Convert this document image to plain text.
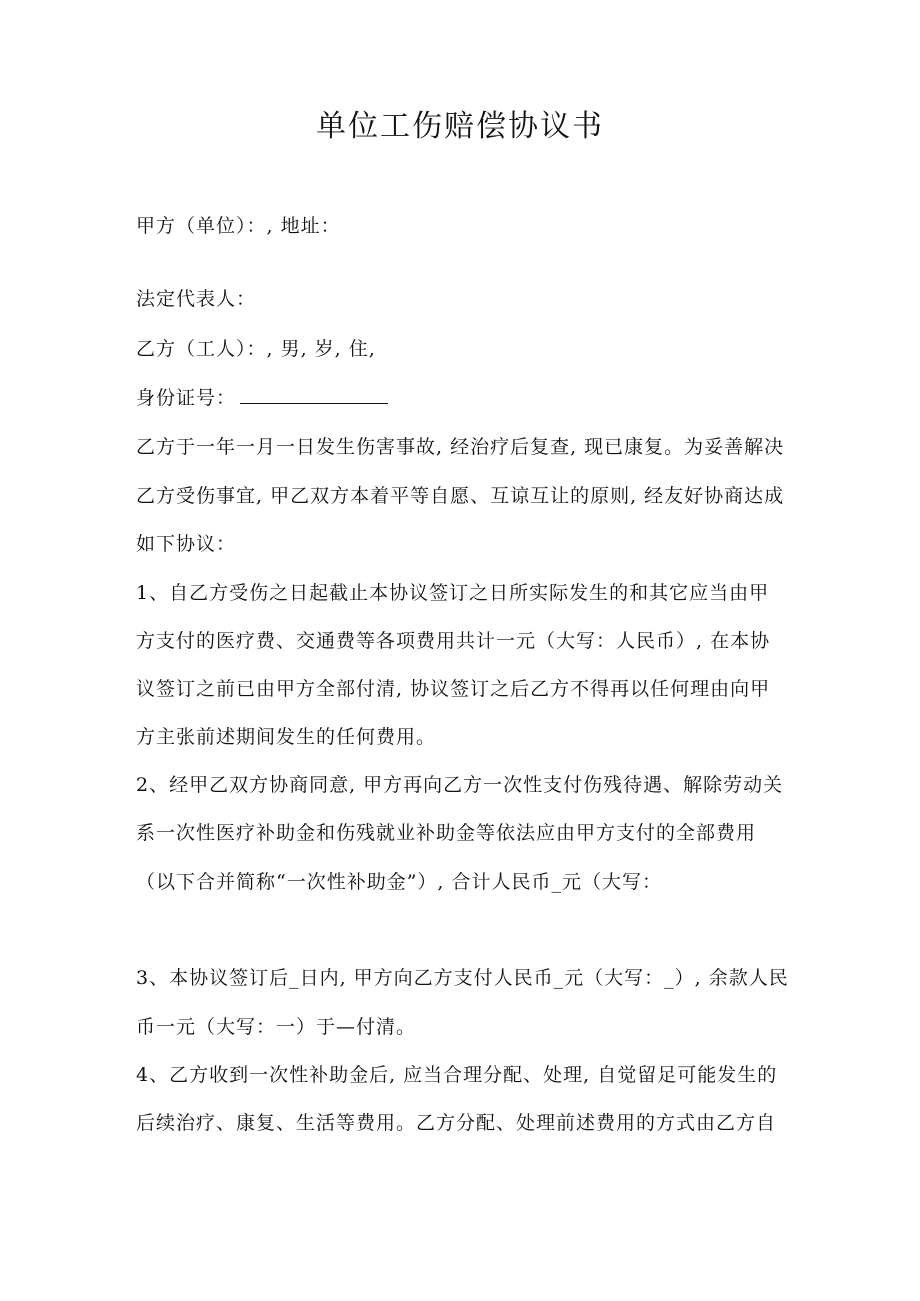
单位工伤赔偿协议书

甲方（单位）：, 地址：

法定代表人：

乙方（工人）：, 男, 岁, 住,

身份证号：

乙方于一年一月一日发生伤害事故, 经治疗后复查, 现已康复。为妥善解决

乙方受伤事宜, 甲乙双方本着平等自愿、互谅互让的原则, 经友好协商达成

如下协议：

1、自乙方受伤之日起截止本协议签订之日所实际发生的和其它应当由甲

方支付的医疗费、交通费等各项费用共计一元（大写：人民币）, 在本协

议签订之前已由甲方全部付清, 协议签订之后乙方不得再以任何理由向甲

方主张前述期间发生的任何费用。

2、经甲乙双方协商同意, 甲方再向乙方一次性支付伤残待遇、解除劳动关

系一次性医疗补助金和伤残就业补助金等依法应由甲方支付的全部费用

（以下合并简称“一次性补助金”）, 合计人民币_元（大写：

3、本协议签订后_日内, 甲方向乙方支付人民币_元（大写：_）, 余款人民

币一元（大写：一）于—付清。

4、乙方收到一次性补助金后, 应当合理分配、处理, 自觉留足可能发生的

后续治疗、康复、生活等费用。乙方分配、处理前述费用的方式由乙方自
